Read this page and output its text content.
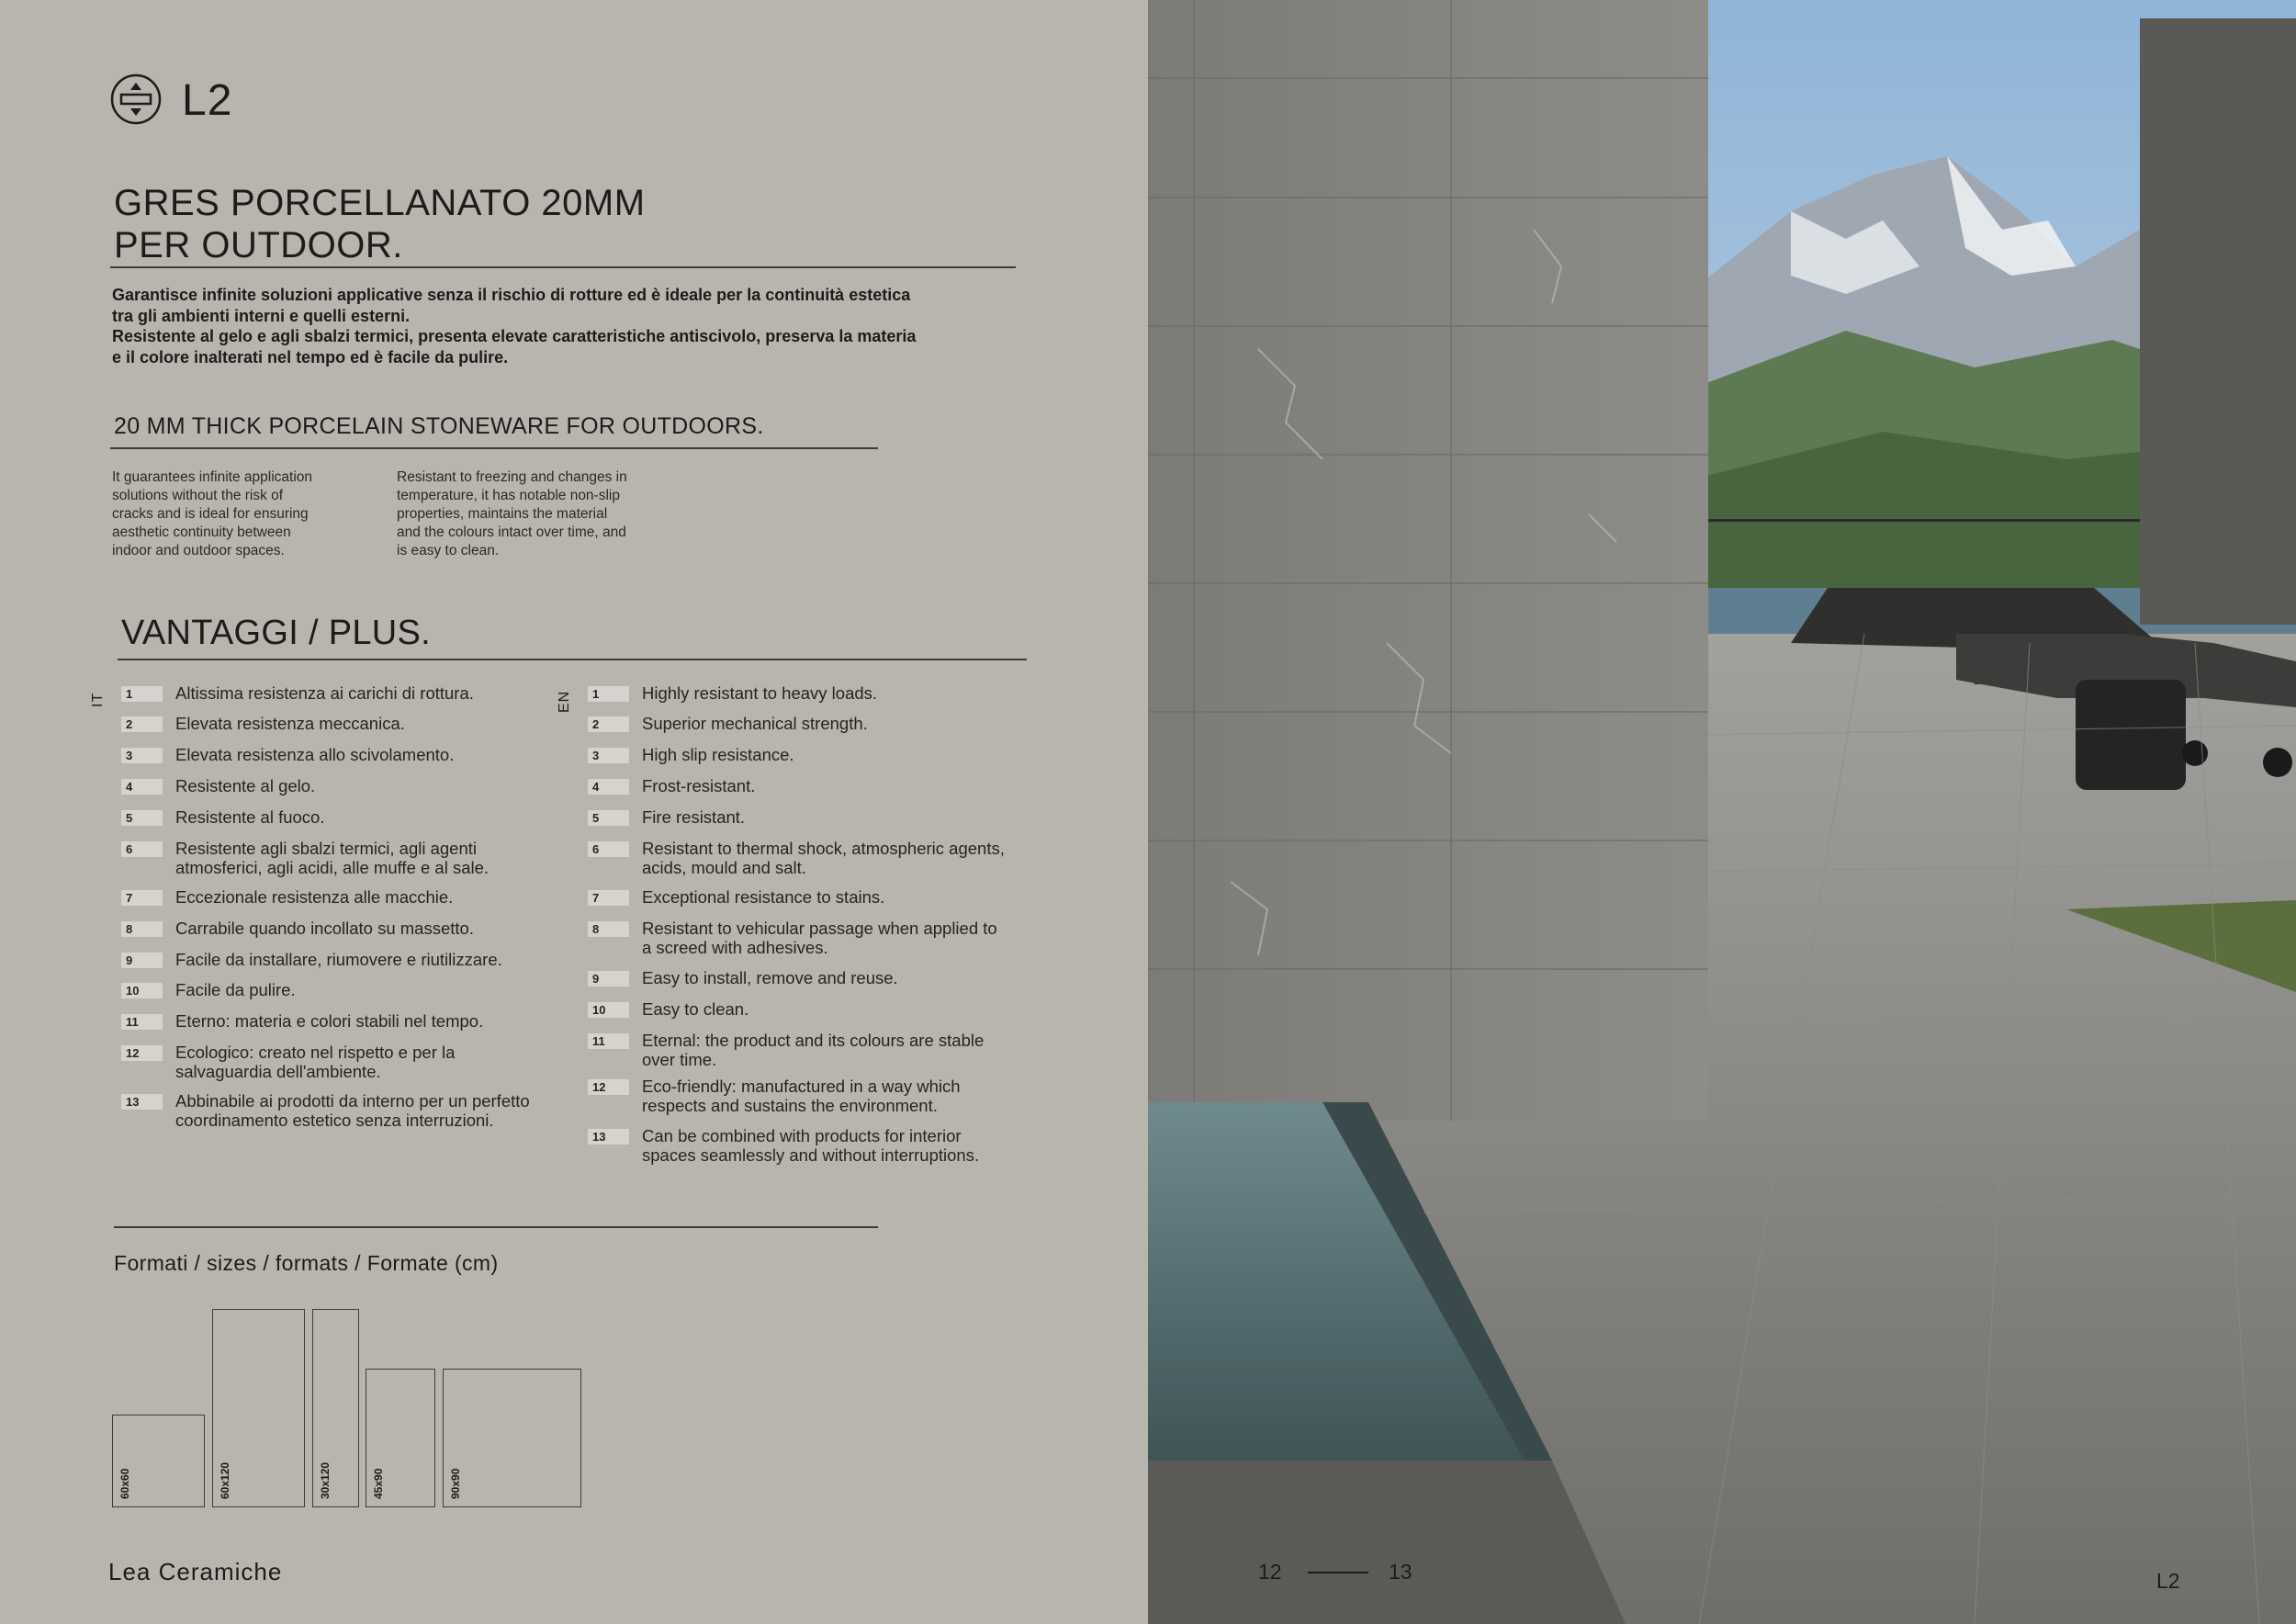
L2
GRES PORCELLANATO 20MM
PER OUTDOOR.
Garantisce infinite soluzioni applicative senza il rischio di rotture ed è ideale per la continuità estetica
tra gli ambienti interni e quelli esterni.
Resistente al gelo e agli sbalzi termici, presenta elevate caratteristiche antiscivolo, preserva la materia
e il colore inalterati nel tempo ed è facile da pulire.
20 MM THICK PORCELAIN STONEWARE FOR OUTDOORS.
It guarantees infinite application
solutions without the risk of
cracks and is ideal for ensuring
aesthetic continuity between
indoor and outdoor spaces.
Resistant to freezing and changes in
temperature, it has notable non-slip
properties, maintains the material
and the colours intact over time, and
is easy to clean.
VANTAGGI / PLUS.
IT	EN
1	Altissima resistenza ai carichi di rottura.
2	Elevata resistenza meccanica.
3	Elevata resistenza allo scivolamento.
4	Resistente al gelo.
5	Resistente al fuoco.
6	Resistente agli sbalzi termici, agli agenti atmosferici, agli acidi, alle muffe e al sale.
7	Eccezionale resistenza alle macchie.
8	Carrabile quando incollato su massetto.
9	Facile da installare, riumovere e riutilizzare.
10	Facile da pulire.
11	Eterno: materia e colori stabili nel tempo.
12	Ecologico: creato nel rispetto e per la salvaguardia dell'ambiente.
13	Abbinabile ai prodotti da interno per un perfetto coordinamento estetico senza interruzioni.
1	Highly resistant to heavy loads.
2	Superior mechanical strength.
3	High slip resistance.
4	Frost-resistant.
5	Fire resistant.
6	Resistant to thermal shock, atmospheric agents, acids, mould and salt.
7	Exceptional resistance to stains.
8	Resistant to vehicular passage when applied to a screed with adhesives.
9	Easy to install, remove and reuse.
10	Easy to clean.
11	Eternal: the product and its colours are stable over time.
12	Eco-friendly: manufactured in a way which respects and sustains the environment.
13	Can be combined with products for interior spaces seamlessly and without interruptions.
Formati / sizes / formats / Formate (cm)
60x60	60x120	30x120	45x90	90x90
Lea Ceramiche	12	13	L2
